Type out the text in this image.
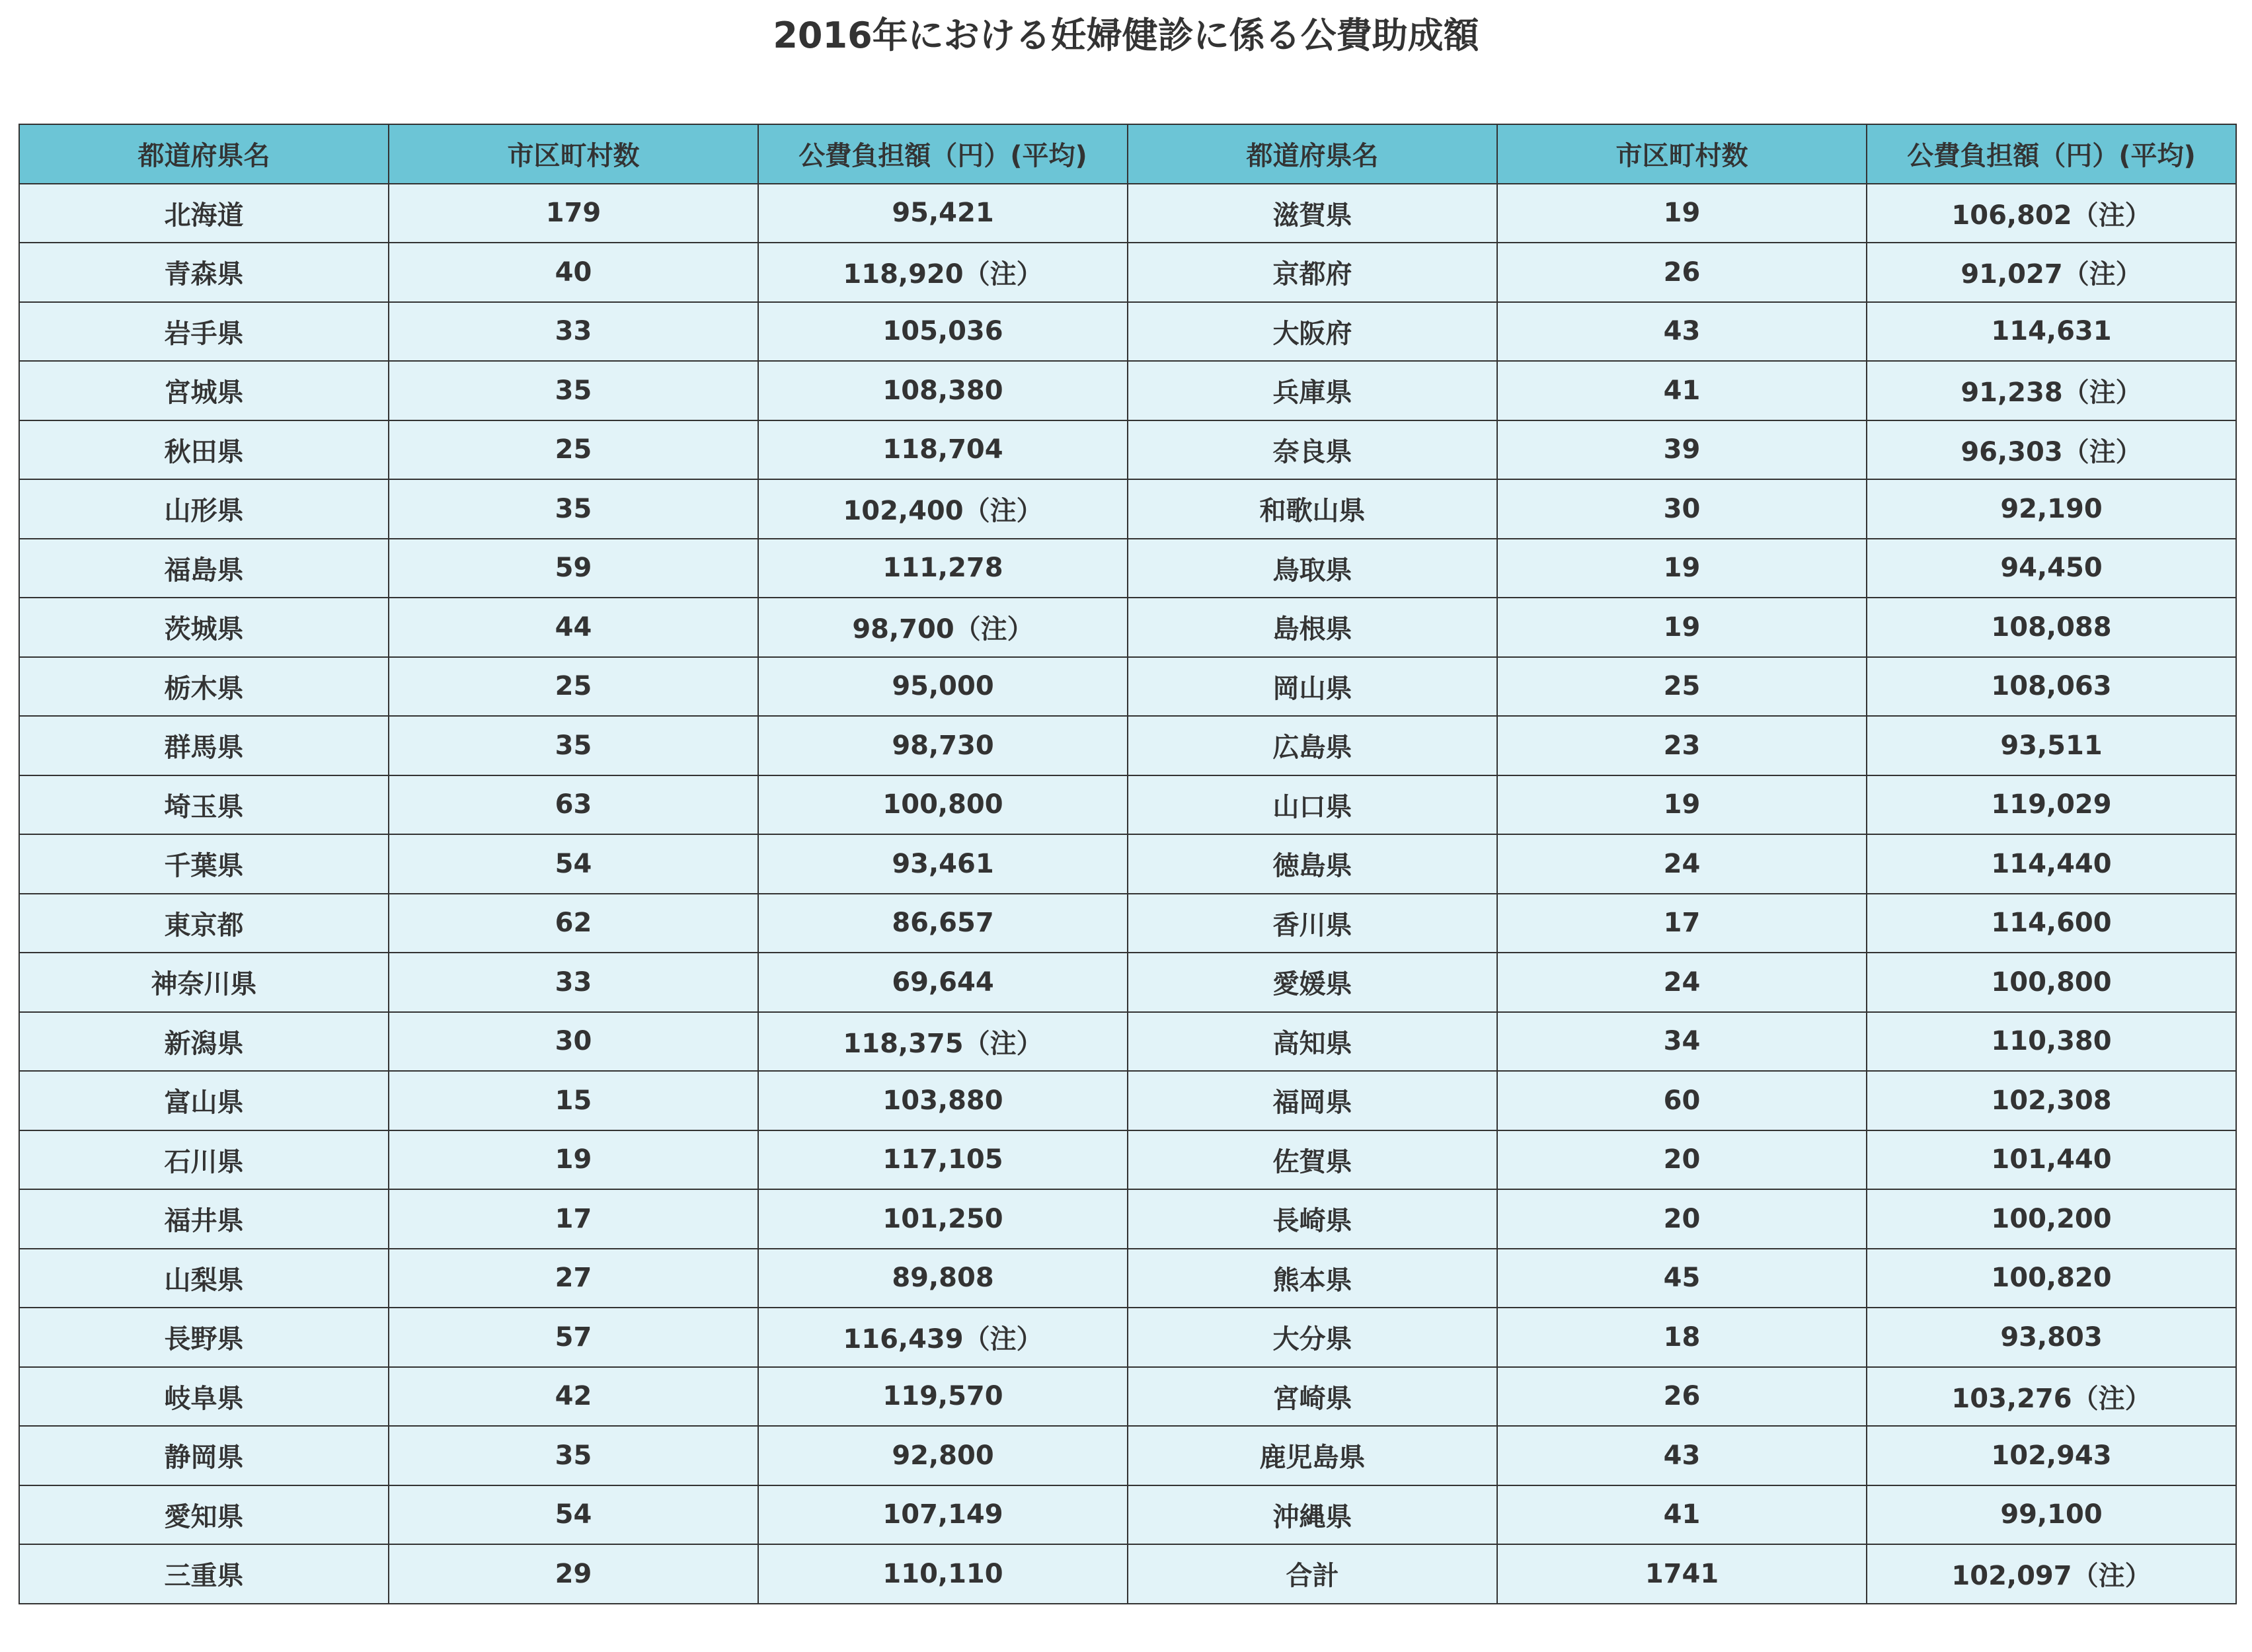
2016年における妊婦健診に係る公費助成額
都道府県名	市区町村数	公費負担額（円）(平均)	都道府県名	市区町村数	公費負担額（円）(平均)
北海道	179	95,421	滋賀県	19	106,802（注）
青森県	40	118,920（注）	京都府	26	91,027（注）
岩手県	33	105,036	大阪府	43	114,631
宮城県	35	108,380	兵庫県	41	91,238（注）
秋田県	25	118,704	奈良県	39	96,303（注）
山形県	35	102,400（注）	和歌山県	30	92,190
福島県	59	111,278	鳥取県	19	94,450
茨城県	44	98,700（注）	島根県	19	108,088
栃木県	25	95,000	岡山県	25	108,063
群馬県	35	98,730	広島県	23	93,511
埼玉県	63	100,800	山口県	19	119,029
千葉県	54	93,461	徳島県	24	114,440
東京都	62	86,657	香川県	17	114,600
神奈川県	33	69,644	愛媛県	24	100,800
新潟県	30	118,375（注）	高知県	34	110,380
富山県	15	103,880	福岡県	60	102,308
石川県	19	117,105	佐賀県	20	101,440
福井県	17	101,250	長崎県	20	100,200
山梨県	27	89,808	熊本県	45	100,820
長野県	57	116,439（注）	大分県	18	93,803
岐阜県	42	119,570	宮崎県	26	103,276（注）
静岡県	35	92,800	鹿児島県	43	102,943
愛知県	54	107,149	沖縄県	41	99,100
三重県	29	110,110	合計	1741	102,097（注）
